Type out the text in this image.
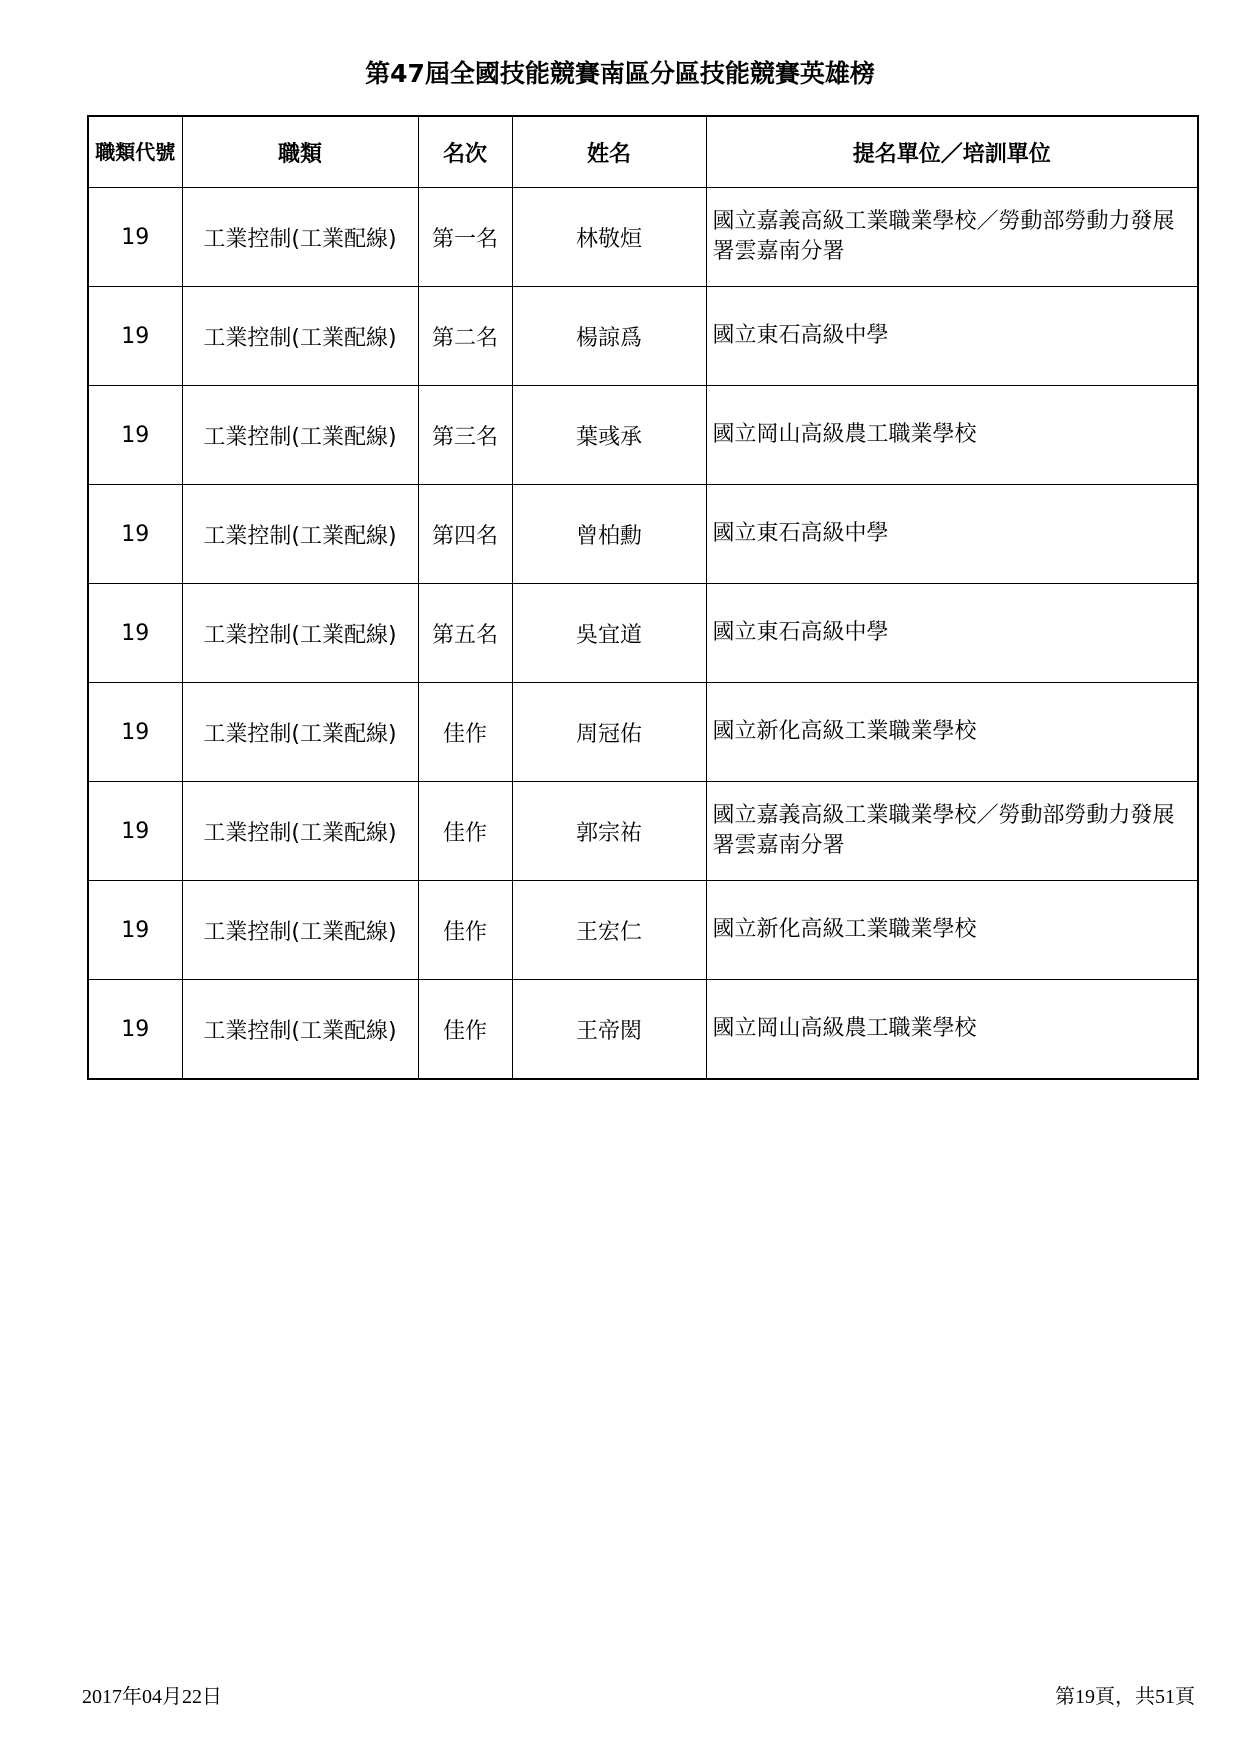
第47屆全國技能競賽南區分區技能競賽英雄榜
職類代號	職類	名次	姓名	提名單位／培訓單位
19	工業控制(工業配線)	第一名	林敬烜	國立嘉義高級工業職業學校／勞動部勞動力發展署雲嘉南分署
19	工業控制(工業配線)	第二名	楊諒爲	國立東石高級中學
19	工業控制(工業配線)	第三名	葉彧承	國立岡山高級農工職業學校
19	工業控制(工業配線)	第四名	曾柏勳	國立東石高級中學
19	工業控制(工業配線)	第五名	吳宜道	國立東石高級中學
19	工業控制(工業配線)	佳作	周冠佑	國立新化高級工業職業學校
19	工業控制(工業配線)	佳作	郭宗祐	國立嘉義高級工業職業學校／勞動部勞動力發展署雲嘉南分署
19	工業控制(工業配線)	佳作	王宏仁	國立新化高級工業職業學校
19	工業控制(工業配線)	佳作	王帝閎	國立岡山高級農工職業學校
2017年04月22日	第19頁，共51頁
